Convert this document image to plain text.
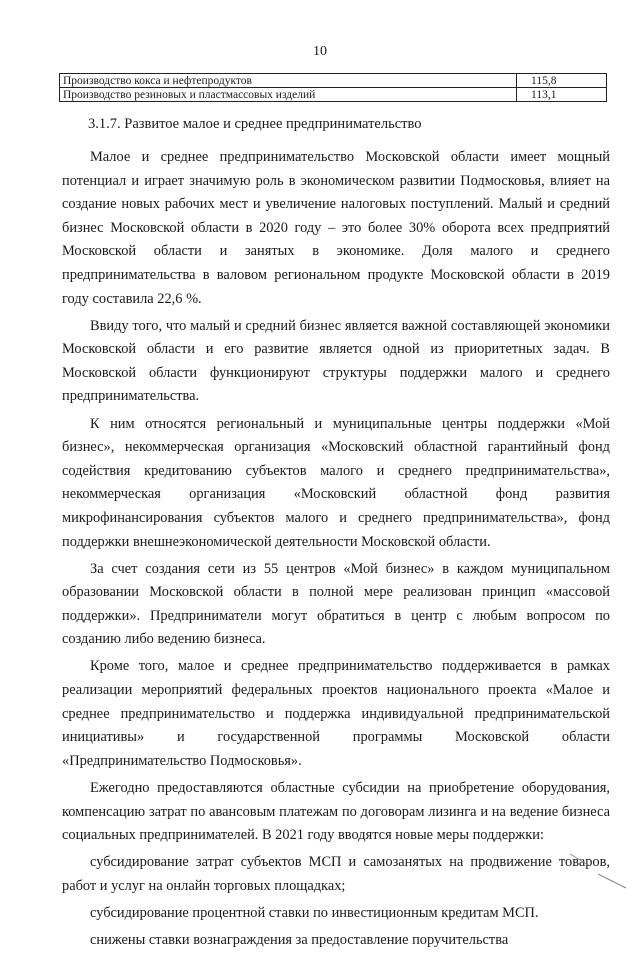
10
Производство кокса и нефтепродуктов	115,8
Производство резиновых и пластмассовых изделий	113,1
3.1.7. Развитое малое и среднее предпринимательство

Малое и среднее предпринимательство Московской области имеет мощный потенциал и играет значимую роль в экономическом развитии Подмосковья, влияет на создание новых рабочих мест и увеличение налоговых поступлений. Малый и средний бизнес Московской области в 2020 году – это более 30% оборота всех предприятий Московской области и занятых в экономике. Доля малого и среднего предпринимательства в валовом региональном продукте Московской области в 2019 году составила 22,6 %.

Ввиду того, что малый и средний бизнес является важной составляющей экономики Московской области и его развитие является одной из приоритетных задач. В Московской области функционируют структуры поддержки малого и среднего предпринимательства.

К ним относятся региональный и муниципальные центры поддержки «Мой бизнес», некоммерческая организация «Московский областной гарантийный фонд содействия кредитованию субъектов малого и среднего предпринимательства», некоммерческая организация «Московский областной фонд развития микрофинансирования субъектов малого и среднего предпринимательства», фонд поддержки внешнеэкономической деятельности Московской области.

За счет создания сети из 55 центров «Мой бизнес» в каждом муниципальном образовании Московской области в полной мере реализован принцип «массовой поддержки». Предприниматели могут обратиться в центр с любым вопросом по созданию либо ведению бизнеса.

Кроме того, малое и среднее предпринимательство поддерживается в рамках реализации мероприятий федеральных проектов национального проекта «Малое и среднее предпринимательство и поддержка индивидуальной предпринимательской инициативы» и государственной программы Московской области «Предпринимательство Подмосковья».

Ежегодно предоставляются областные субсидии на приобретение оборудования, компенсацию затрат по авансовым платежам по договорам лизинга и на ведение бизнеса социальных предпринимателей. В 2021 году вводятся новые меры поддержки:

субсидирование затрат субъектов МСП и самозанятых на продвижение товаров, работ и услуг на онлайн торговых площадках;

субсидирование процентной ставки по инвестиционным кредитам МСП.

снижены ставки вознаграждения за предоставление поручительства
